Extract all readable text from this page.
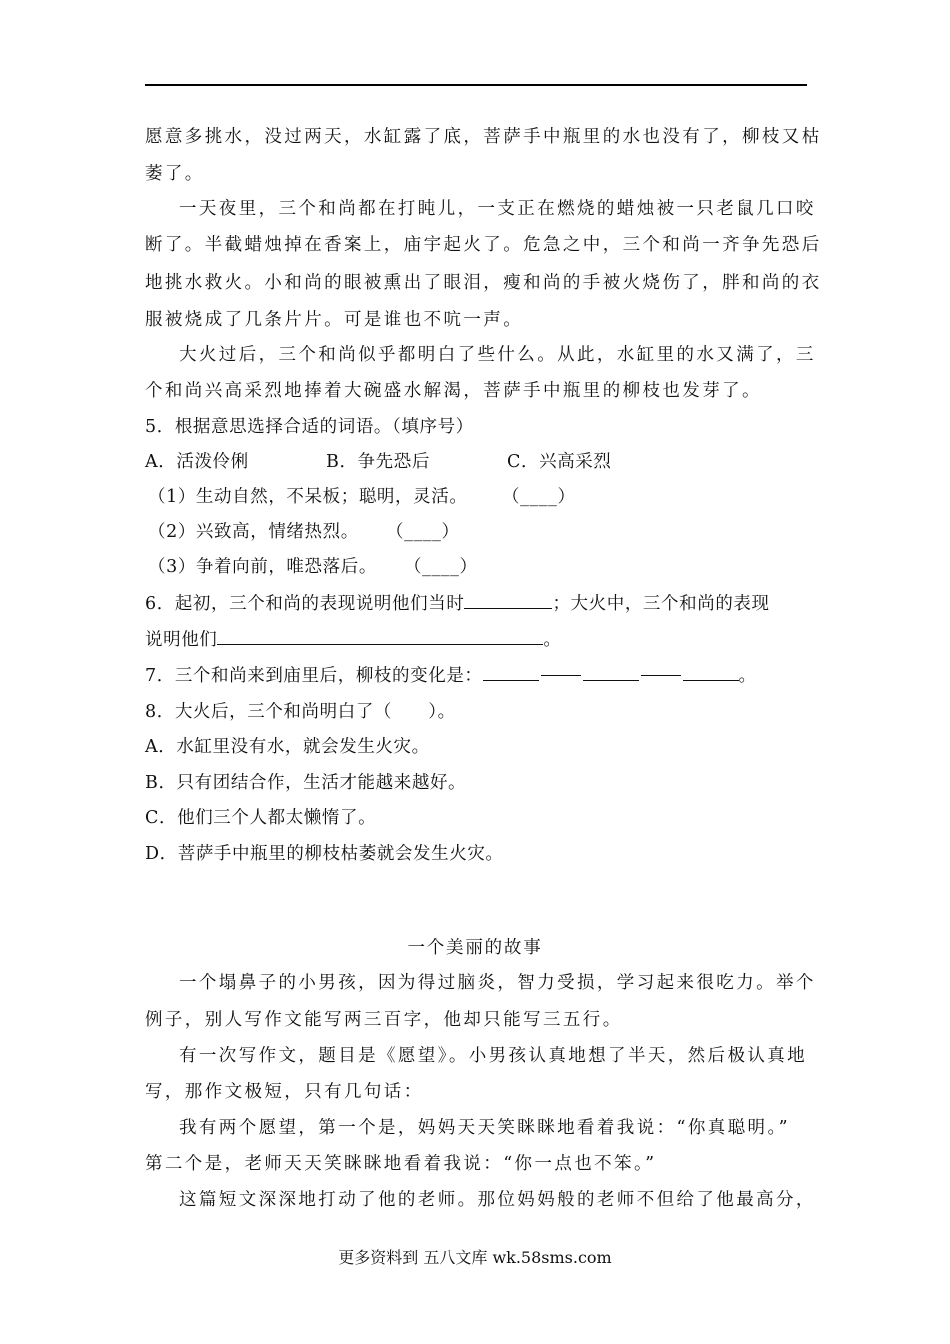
愿意多挑水，没过两天，水缸露了底，菩萨手中瓶里的水也没有了，柳枝又枯
萎了。
一天夜里，三个和尚都在打盹儿，一支正在燃烧的蜡烛被一只老鼠几口咬
断了。半截蜡烛掉在香案上，庙宇起火了。危急之中，三个和尚一齐争先恐后
地挑水救火。小和尚的眼被熏出了眼泪，瘦和尚的手被火烧伤了，胖和尚的衣
服被烧成了几条片片。可是谁也不吭一声。
大火过后，三个和尚似乎都明白了些什么。从此，水缸里的水又满了，三
个和尚兴高采烈地捧着大碗盛水解渴，菩萨手中瓶里的柳枝也发芽了。
5．根据意思选择合适的词语。（填序号）
A．活泼伶俐	B．争先恐后	C．兴高采烈
（1）生动自然，不呆板；聪明，灵活。 （____）
（2）兴致高，情绪热烈。 （____）
（3）争着向前，唯恐落后。 （____）
6．起初，三个和尚的表现说明他们当时	；大火中，三个和尚的表现
说明他们	。
7．三个和尚来到庙里后，柳枝的变化是：	。
8．大火后，三个和尚明白了（　　）。
A．水缸里没有水，就会发生火灾。
B．只有团结合作，生活才能越来越好。
C．他们三个人都太懒惰了。
D．菩萨手中瓶里的柳枝枯萎就会发生火灾。
一个美丽的故事
一个塌鼻子的小男孩，因为得过脑炎，智力受损，学习起来很吃力。举个
例子，别人写作文能写两三百字，他却只能写三五行。
有一次写作文，题目是《愿望》。小男孩认真地想了半天，然后极认真地
写，那作文极短，只有几句话：
我有两个愿望，第一个是，妈妈天天笑眯眯地看着我说：“你真聪明。”
第二个是，老师天天笑眯眯地看着我说：“你一点也不笨。”
这篇短文深深地打动了他的老师。那位妈妈般的老师不但给了他最高分，
更多资料到 五八文库 wk.58sms.com
